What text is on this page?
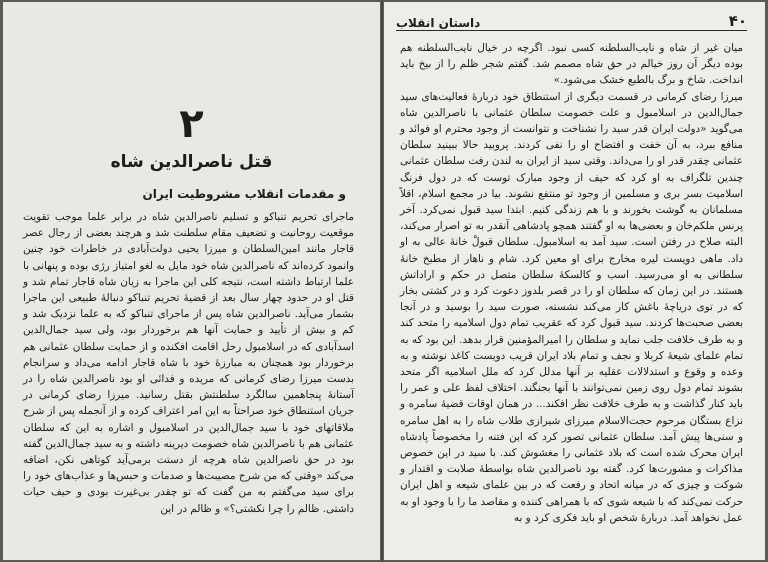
۲
قتل ناصرالدین شاه
و مقدمات انقلاب مشروطیت ایران

ماجرای تحریم تنباکو و تسلیم ناصرالدین شاه در برابر علما موجب تقویت موقعیت روحانیت و تضعیف مقام سلطنت شد و هرچند بعضی از رجال عصر قاجار مانند امین‌السلطان و میرزا یحیی دولت‌آبادی در خاطرات خود چنین وانمود کرده‌اند که ناصرالدین شاه خود مایل به لغو امتیاز رژی بوده و پنهانی با علما ارتباط داشته است، نتیجه کلی این ماجرا به زیان شاه قاجار تمام شد و قتل او در حدود چهار سال بعد از قضیهٔ تحریم تنباکو دنبالهٔ طبیعی این ماجرا بشمار می‌آید. ناصرالدین شاه پس از ماجرای تنباکو که به علما نزدیک شد و کم و بیش از تأیید و حمایت آنها هم برخوردار بود، ولی سید جمال‌الدین اسدآبادی که در اسلامبول رحل اقامت افکنده و از حمایت سلطان عثمانی هم برخوردار بود همچنان به مبارزهٔ خود با شاه قاجار ادامه می‌داد و سرانجام بدست میرزا رضای کرمانی که مریده و فدائی او بود ناصرالدین شاه را در آستانهٔ پنجاهمین سالگرد سلطنتش بقتل رسانید. میرزا رضای کرمانی در جریان استنطاق خود صراحتاً به این امر اعتراف کرده و از آنجمله پس از شرح ملاقاتهای خود با سید جمال‌الدین در اسلامبول و اشاره به این که سلطان عثمانی هم با ناصرالدین شاه خصومت دیرینه داشته و به سید جمال‌الدین گفته بود در حق ناصرالدین شاه هرچه از دستت برمی‌آید کوتاهی نکن، اضافه می‌کند «وقتی که من شرح مصیبت‌ها و صدمات و حبس‌ها و عذاب‌های خود را برای سید می‌گفتم به من گفت که تو چقدر بی‌غیرت بودی و حیف حیات داشتی. ظالم را چرا نکشتی؟» و ظالم در این

۴۰
داستان انقلاب

میان غیر از شاه و نایب‌السلطنه کسی نبود. اگرچه در خیال نایب‌السلطنه هم بوده دیگر آن روز خیالم در حق شاه مصمم شد. گفتم شجر ظلم را از بیخ باید انداخت. شاخ و برگ بالطبع خشک می‌شود.»

میرزا رضای کرمانی در قسمت دیگری از استنطاق خود دربارهٔ فعالیت‌های سید جمال‌الدین در اسلامبول و علت خصومت سلطان عثمانی با ناصرالدین شاه می‌گوید «دولت ایران قدر سید را نشناخت و نتوانست از وجود محترم او فوائد و منافع ببرد، به آن خفت و افتضاح او را نفی کردند. پروبید حالا ببینید سلطان عثمانی چقدر قدر او را می‌داند. وقتی سید از ایران به لندن رفت سلطان عثمانی چندین تلگراف به او کرد که حیف از وجود مبارک توست که در دول فرنگ اسلامیت بسر بری و مسلمین از وجود تو منتفع نشوند. بیا در مجمع اسلام، اقلاً مسلمانان به گوشت بخورند و با هم زندگی کنیم. ابتدا سید قبول نمی‌کرد. آخر پرنس ملکم‌خان و بعضی‌ها به او گفتند همچو پادشاهی آنقدر به تو اصرار می‌کند، البته صلاح در رفتن است. سید آمد به اسلامبول. سلطان قبول‌ْ خانهٔ عالی به او داد. ماهی دویست لیره مخارج برای او معین کرد. شام و ناهار از مطبخ خانهٔ سلطانی به او می‌رسید. اسب و کالسکهٔ سلطان متصل در حکم و اراداتش هستند. در این زمان که سلطان او را در قصر بلدوز دعوت کرد و در کشتی بخار که در توی دریاچهٔ باغش کار می‌کند نشسته، صورت سید را بوسید و در آنجا بعضی صحبت‌ها کردند. سید قبول کرد که عقریب تمام دول اسلامیه را متحد کند و به طرف خلافت جلب نماید و سلطان را امیرالمؤمنین قرار بدهد. این بود که به تمام علمای شیعهٔ کربلا و نجف و تمام بلاد ایران قریب دویست کاغذ نوشته و به وعده و وقوع و استدلالات عقلیه بر آنها مدلل کرد که ملل اسلامیه اگر متحد بشوند تمام دول روی زمین نمی‌توانند با آنها بجنگند. اختلاف لفظ علی و عمر را باید کنار گذاشت و به طرف خلافت نظر افکند... در همان اوقات قضیهٔ سامره و نزاع بستگان مرحوم حجت‌الاسلام میرزای شیرازی طلاب شاه را به اهل سامره و سنی‌ها پیش آمد. سلطان عثمانی تصور کرد که این فتنه را مخصوصاً پادشاه ایران محرک شده است که بلاد عثمانی را مغشوش کند. با سید در این خصوص مذاکرات و مشورت‌ها کرد. گفته بود ناصرالدین شاه بواسطهٔ صلابت و اقتدار و شوکت و چیزی که در میانه اتحاد و رفعت که در بین علمای شیعه و اهل ایران حرکت نمی‌کند که با شیعه شوی که با همراهی کننده و مقاصد ما را با وجود او به عمل نخواهد آمد. دربارهٔ شخص او باید فکری کرد و به
